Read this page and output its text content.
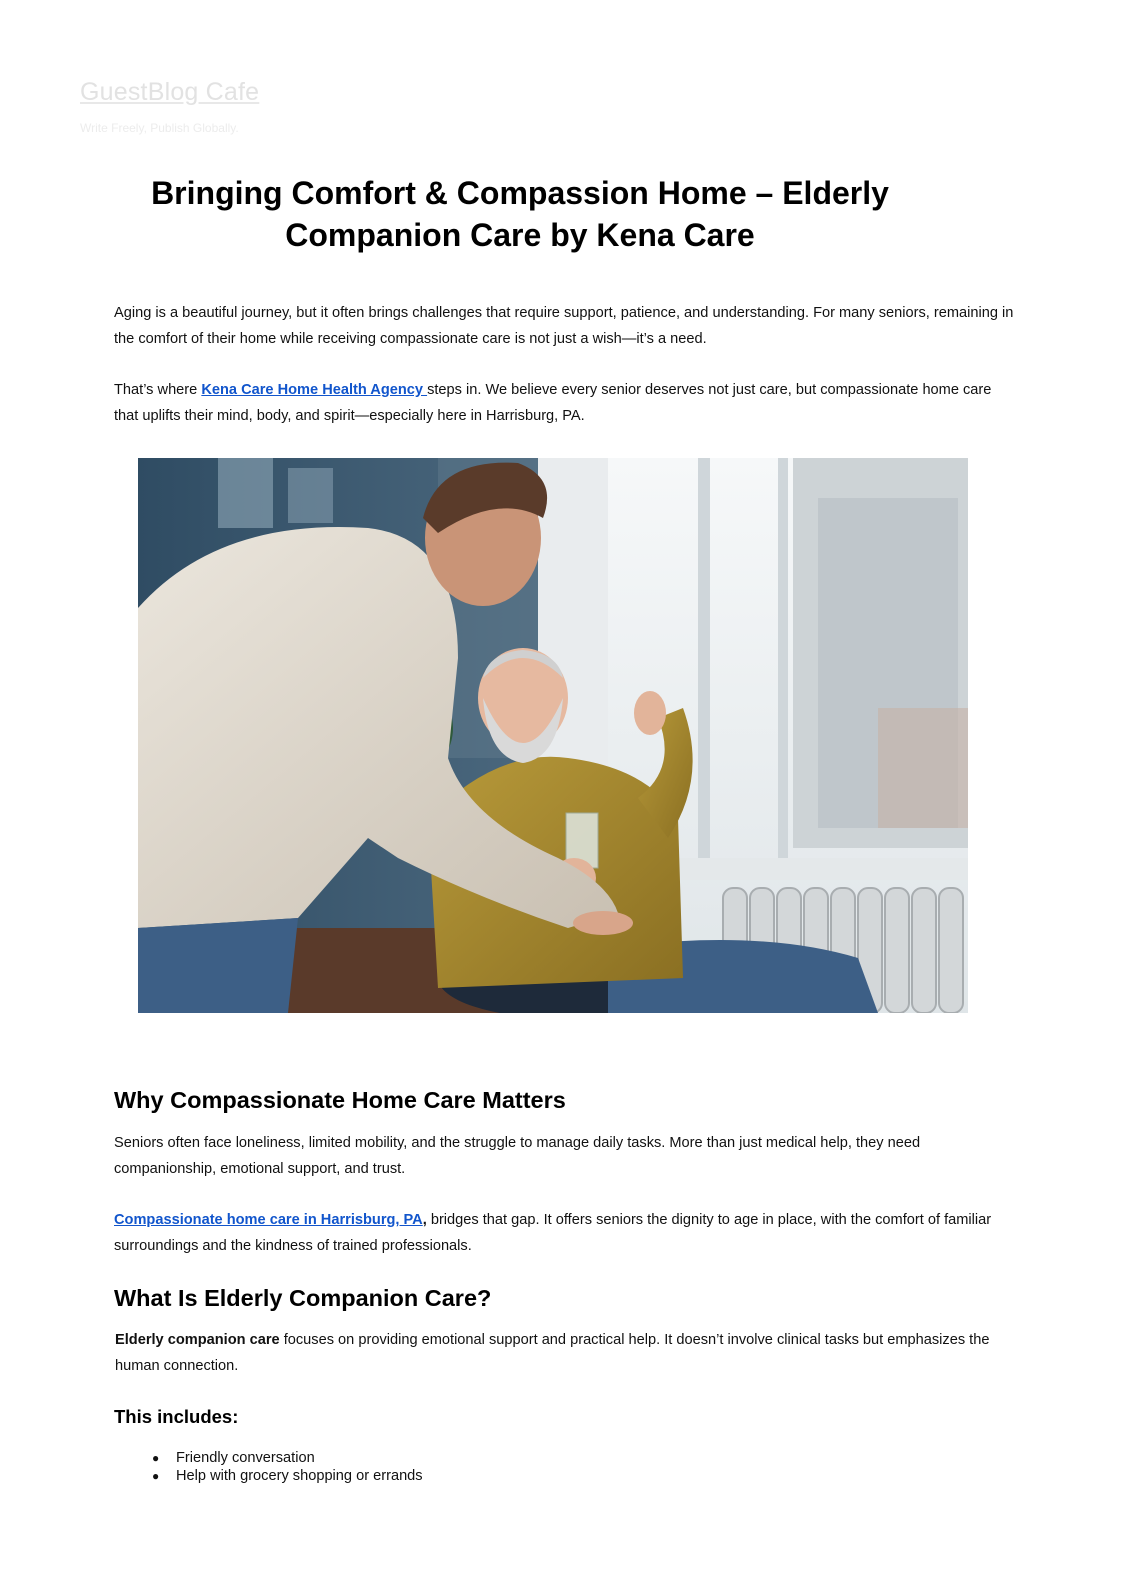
GuestBlog Cafe
Write Freely, Publish Globally.
Bringing Comfort & Compassion Home – Elderly
Companion Care by Kena Care

Aging is a beautiful journey, but it often brings challenges that require support, patience, and understanding. For many seniors, remaining in the comfort of their home while receiving compassionate care is not just a wish—it’s a need.

That’s where Kena Care Home Health Agency steps in. We believe every senior deserves not just care, but compassionate home care that uplifts their mind, body, and spirit—especially here in Harrisburg, PA.

Why Compassionate Home Care Matters

Seniors often face loneliness, limited mobility, and the struggle to manage daily tasks. More than just medical help, they need companionship, emotional support, and trust.

Compassionate home care in Harrisburg, PA, bridges that gap. It offers seniors the dignity to age in place, with the comfort of familiar surroundings and the kindness of trained professionals.

What Is Elderly Companion Care?

Elderly companion care focuses on providing emotional support and practical help. It doesn’t involve clinical tasks but emphasizes the human connection.

This includes:
● Friendly conversation
● Help with grocery shopping or errands
